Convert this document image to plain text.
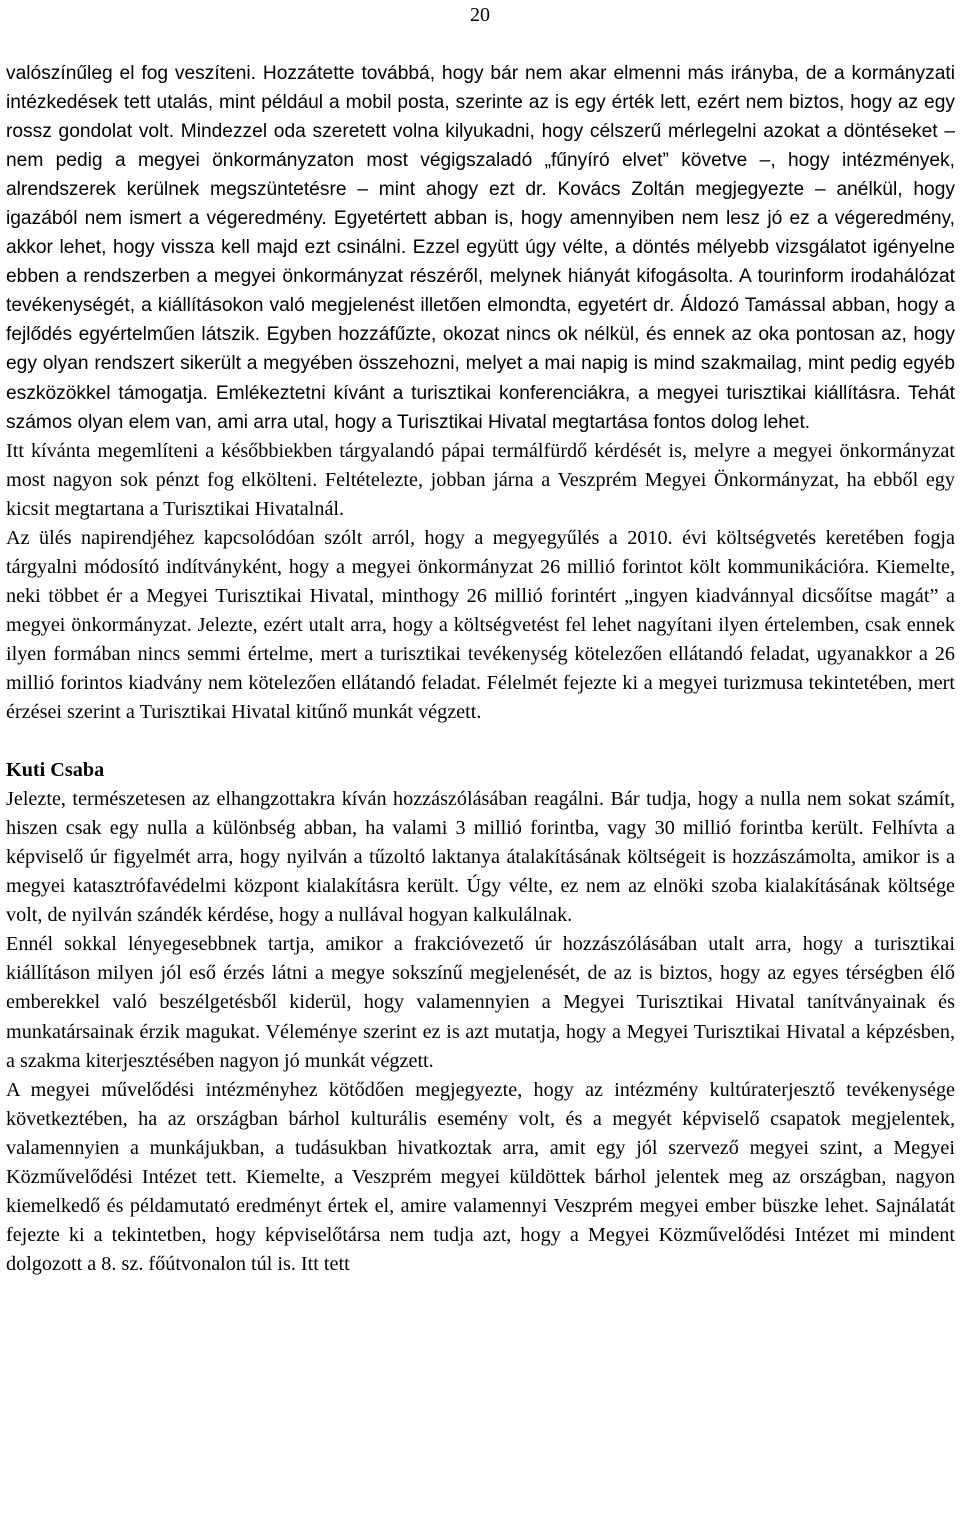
20

valószínűleg el fog veszíteni. Hozzátette továbbá, hogy bár nem akar elmenni más irányba, de a kormányzati intézkedések tett utalás, mint például a mobil posta, szerinte az is egy érték lett, ezért nem biztos, hogy az egy rossz gondolat volt. Mindezzel oda szeretett volna kilyukadni, hogy célszerű mérlegelni azokat a döntéseket – nem pedig a megyei önkormányzaton most végigszaladó „fűnyíró elvet” követve –, hogy intézmények, alrendszerek kerülnek megszüntetésre – mint ahogy ezt dr. Kovács Zoltán megjegyezte – anélkül, hogy igazából nem ismert a végeredmény. Egyetértett abban is, hogy amennyiben nem lesz jó ez a végeredmény, akkor lehet, hogy vissza kell majd ezt csinálni. Ezzel együtt úgy vélte, a döntés mélyebb vizsgálatot igényelne ebben a rendszerben a megyei önkormányzat részéről, melynek hiányát kifogásolta. A tourinform irodahálózat tevékenységét, a kiállításokon való megjelenést illetően elmondta, egyetért dr. Áldozó Tamással abban, hogy a fejlődés egyértelműen látszik. Egyben hozzáfűzte, okozat nincs ok nélkül, és ennek az oka pontosan az, hogy egy olyan rendszert sikerült a megyében összehozni, melyet a mai napig is mind szakmailag, mint pedig egyéb eszközökkel támogatja. Emlékeztetni kívánt a turisztikai konferenciákra, a megyei turisztikai kiállításra. Tehát számos olyan elem van, ami arra utal, hogy a Turisztikai Hivatal megtartása fontos dolog lehet.

Itt kívánta megemlíteni a későbbiekben tárgyalandó pápai termálfürdő kérdését is, melyre a megyei önkormányzat most nagyon sok pénzt fog elkölteni. Feltételezte, jobban járna a Veszprém Megyei Önkormányzat, ha ebből egy kicsit megtartana a Turisztikai Hivatalnál.

Az ülés napirendjéhez kapcsolódóan szólt arról, hogy a megyegyűlés a 2010. évi költségvetés keretében fogja tárgyalni módosító indítványként, hogy a megyei önkormányzat 26 millió forintot költ kommunikációra. Kiemelte, neki többet ér a Megyei Turisztikai Hivatal, minthogy 26 millió forintért „ingyen kiadvánnyal dicsőítse magát” a megyei önkormányzat. Jelezte, ezért utalt arra, hogy a költségvetést fel lehet nagyítani ilyen értelemben, csak ennek ilyen formában nincs semmi értelme, mert a turisztikai tevékenység kötelezően ellátandó feladat, ugyanakkor a 26 millió forintos kiadvány nem kötelezően ellátandó feladat. Félelmét fejezte ki a megyei turizmusa tekintetében, mert érzései szerint a Turisztikai Hivatal kitűnő munkát végzett.

Kuti Csaba

Jelezte, természetesen az elhangzottakra kíván hozzászólásában reagálni. Bár tudja, hogy a nulla nem sokat számít, hiszen csak egy nulla a különbség abban, ha valami 3 millió forintba, vagy 30 millió forintba került. Felhívta a képviselő úr figyelmét arra, hogy nyilván a tűzoltó laktanya átalakításának költségeit is hozzászámolta, amikor is a megyei katasztrófavédelmi központ kialakításra került. Úgy vélte, ez nem az elnöki szoba kialakításának költsége volt, de nyilván szándék kérdése, hogy a nullával hogyan kalkulálnak.

Ennél sokkal lényegesebbnek tartja, amikor a frakcióvezető úr hozzászólásában utalt arra, hogy a turisztikai kiállításon milyen jól eső érzés látni a megye sokszínű megjelenését, de az is biztos, hogy az egyes térségben élő emberekkel való beszélgetésből kiderül, hogy valamennyien a Megyei Turisztikai Hivatal tanítványainak és munkatársainak érzik magukat. Véleménye szerint ez is azt mutatja, hogy a Megyei Turisztikai Hivatal a képzésben, a szakma kiterjesztésében nagyon jó munkát végzett.

A megyei művelődési intézményhez kötődően megjegyezte, hogy az intézmény kultúraterjesztő tevékenysége következtében, ha az országban bárhol kulturális esemény volt, és a megyét képviselő csapatok megjelentek, valamennyien a munkájukban, a tudásukban hivatkoztak arra, amit egy jól szervező megyei szint, a Megyei Közművelődési Intézet tett. Kiemelte, a Veszprém megyei küldöttek bárhol jelentek meg az országban, nagyon kiemelkedő és példamutató eredményt értek el, amire valamennyi Veszprém megyei ember büszke lehet. Sajnálatát fejezte ki a tekintetben, hogy képviselőtársa nem tudja azt, hogy a Megyei Közművelődési Intézet mi mindent dolgozott a 8. sz. főútvonalon túl is. Itt tett
